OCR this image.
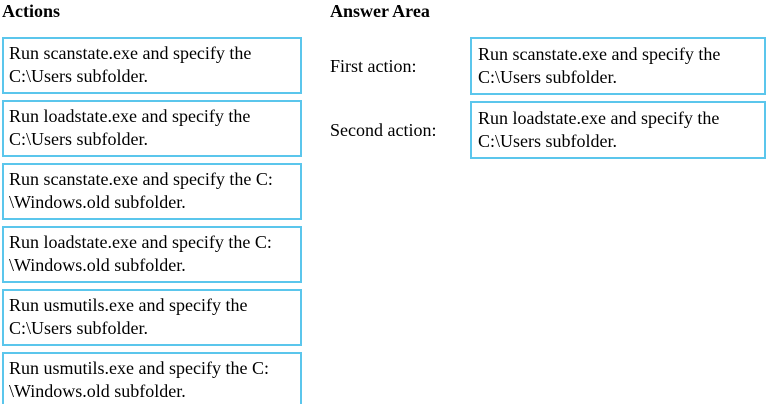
Actions
Run scanstate.exe and specify the C:\Users subfolder.
Run loadstate.exe and specify the C:\Users subfolder.
Run scanstate.exe and specify the C: \Windows.old subfolder.
Run loadstate.exe and specify the C: \Windows.old subfolder.
Run usmutils.exe and specify the C:\Users subfolder.
Run usmutils.exe and specify the C: \Windows.old subfolder.
Answer Area
First action:
Run scanstate.exe and specify the C:\Users subfolder.
Second action:
Run loadstate.exe and specify the C:\Users subfolder.
